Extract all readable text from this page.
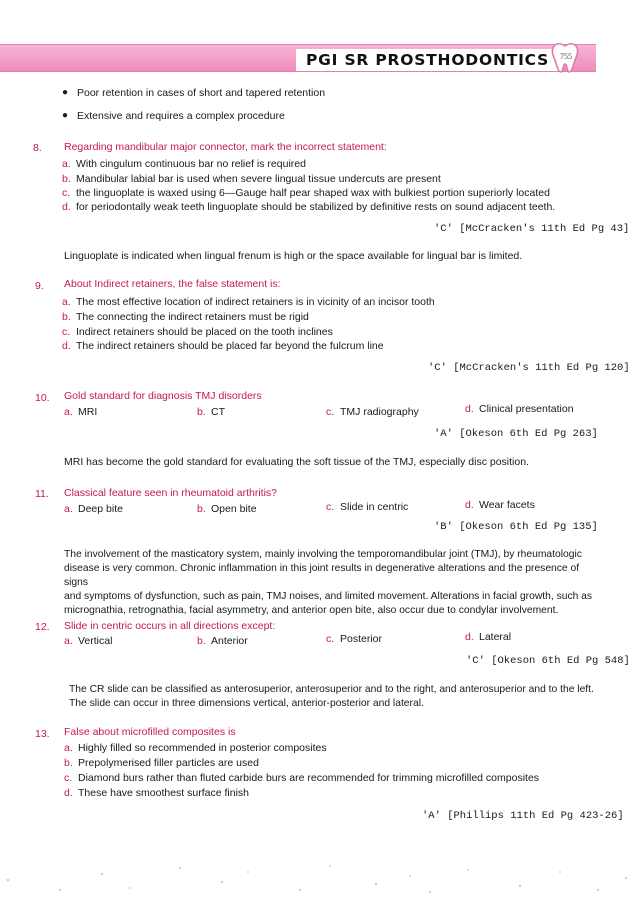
PGI SR PROSTHODONTICS	755
● Poor retention in cases of short and tapered retention
● Extensive and requires a complex procedure
8. Regarding mandibular major connector, mark the incorrect statement:
a. With cingulum continuous bar no relief is required
b. Mandibular labial bar is used when severe lingual tissue undercuts are present
c. the linguoplate is waxed using 6—Gauge half pear shaped wax with bulkiest portion superiorly located
d. for periodontally weak teeth linguoplate should be stabilized by definitive rests on sound adjacent teeth.
'C' [McCracken's 11th Ed Pg 43]
Linguoplate is indicated when lingual frenum is high or the space available for lingual bar is limited.
9. About Indirect retainers, the false statement is:
a. The most effective location of indirect retainers is in vicinity of an incisor tooth
b. The connecting the indirect retainers must be rigid
c. Indirect retainers should be placed on the tooth inclines
d. The indirect retainers should be placed far beyond the fulcrum line
'C' [McCracken's 11th Ed Pg 120]
10. Gold standard for diagnosis TMJ disorders
a. MRI	b. CT	c. TMJ radiography	d. Clinical presentation
'A' [Okeson 6th Ed Pg 263]
MRI has become the gold standard for evaluating the soft tissue of the TMJ, especially disc position.
11. Classical feature seen in rheumatoid arthritis?
a. Deep bite	b. Open bite	c. Slide in centric	d. Wear facets
'B' [Okeson 6th Ed Pg 135]
The involvement of the masticatory system, mainly involving the temporomandibular joint (TMJ), by rheumatologic
disease is very common. Chronic inflammation in this joint results in degenerative alterations and the presence of signs
and symptoms of dysfunction, such as pain, TMJ noises, and limited movement. Alterations in facial growth, such as
micrognathia, retrognathia, facial asymmetry, and anterior open bite, also occur due to condylar involvement.
12. Slide in centric occurs in all directions except:
a. Vertical	b. Anterior	c. Posterior	d. Lateral
'C' [Okeson 6th Ed Pg 548]
The CR slide can be classified as anterosuperior, anterosuperior and to the right, and anterosuperior and to the left.
The slide can occur in three dimensions vertical, anterior-posterior and lateral.
13. False about microfilled composites is
a. Highly filled so recommended in posterior composites
b. Prepolymerised filler particles are used
c. Diamond burs rather than fluted carbide burs are recommended for trimming microfilled composites
d. These have smoothest surface finish
'A' [Phillips 11th Ed Pg 423-26]
